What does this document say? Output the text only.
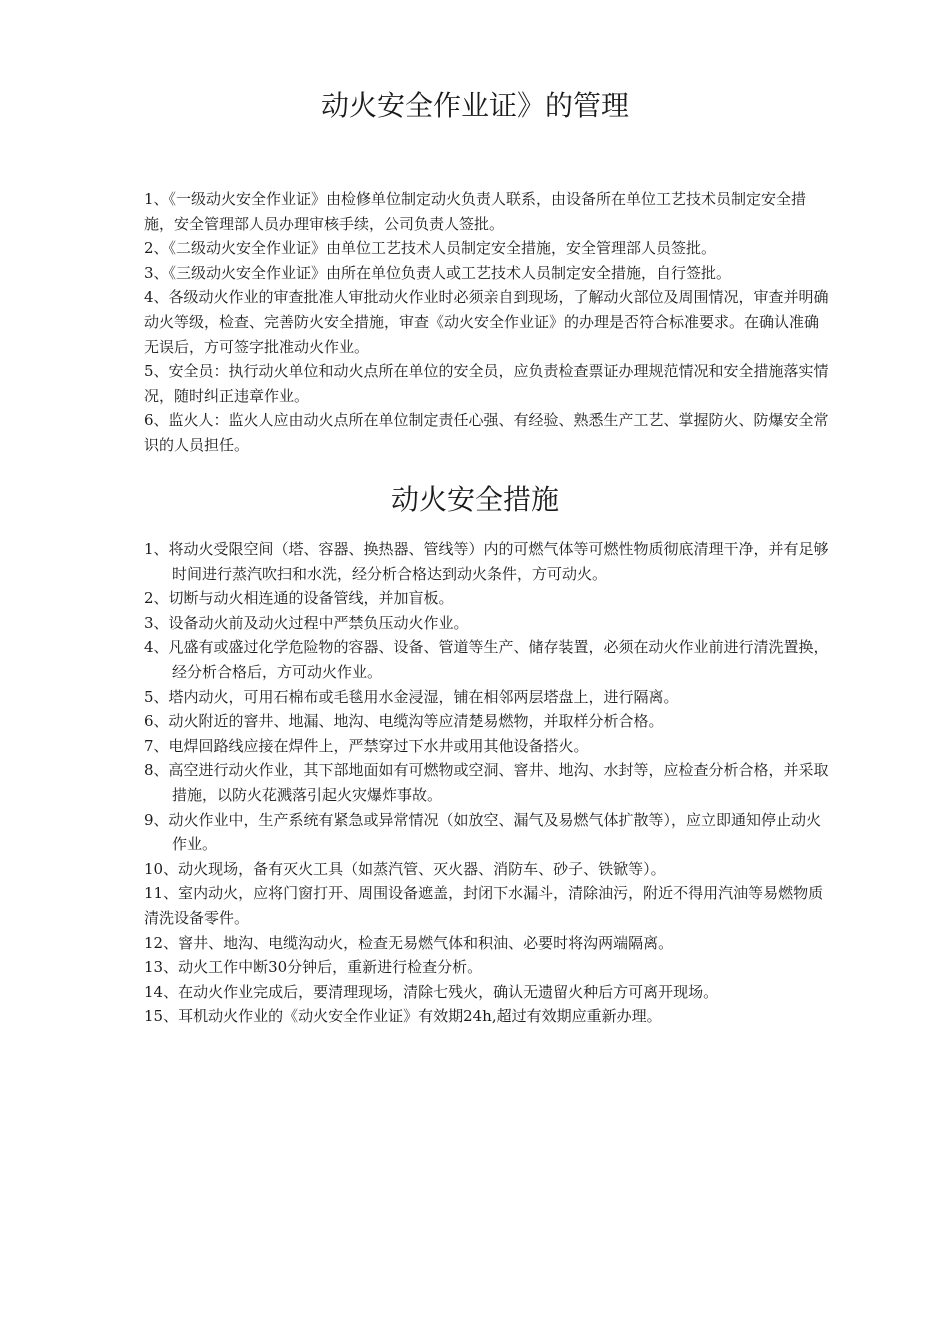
动火安全作业证》的管理
1、《一级动火安全作业证》由检修单位制定动火负责人联系，由设备所在单位工艺技术员制定安全措施，安全管理部人员办理审核手续，公司负责人签批。
2、《二级动火安全作业证》由单位工艺技术人员制定安全措施，安全管理部人员签批。
3、《三级动火安全作业证》由所在单位负责人或工艺技术人员制定安全措施，自行签批。
4、各级动火作业的审查批准人审批动火作业时必须亲自到现场，了解动火部位及周围情况，审查并明确动火等级，检查、完善防火安全措施，审查《动火安全作业证》的办理是否符合标准要求。在确认准确无误后，方可签字批准动火作业。
5、安全员：执行动火单位和动火点所在单位的安全员，应负责检查票证办理规范情况和安全措施落实情况，随时纠正违章作业。
6、监火人：监火人应由动火点所在单位制定责任心强、有经验、熟悉生产工艺、掌握防火、防爆安全常识的人员担任。
动火安全措施
1、将动火受限空间（塔、容器、换热器、管线等）内的可燃气体等可燃性物质彻底清理干净，并有足够时间进行蒸汽吹扫和水洗，经分析合格达到动火条件，方可动火。
2、切断与动火相连通的设备管线，并加盲板。
3、设备动火前及动火过程中严禁负压动火作业。
4、凡盛有或盛过化学危险物的容器、设备、管道等生产、储存装置，必须在动火作业前进行清洗置换，经分析合格后，方可动火作业。
5、塔内动火，可用石棉布或毛毯用水金浸湿，铺在相邻两层塔盘上，进行隔离。
6、动火附近的窨井、地漏、地沟、电缆沟等应清楚易燃物，并取样分析合格。
7、电焊回路线应接在焊件上，严禁穿过下水井或用其他设备搭火。
8、高空进行动火作业，其下部地面如有可燃物或空洞、窨井、地沟、水封等，应检查分析合格，并采取措施，以防火花溅落引起火灾爆炸事故。
9、动火作业中，生产系统有紧急或异常情况（如放空、漏气及易燃气体扩散等），应立即通知停止动火作业。
10、动火现场，备有灭火工具（如蒸汽管、灭火器、消防车、砂子、铁锨等）。
11、室内动火，应将门窗打开、周围设备遮盖，封闭下水漏斗，清除油污，附近不得用汽油等易燃物质清洗设备零件。
12、窨井、地沟、电缆沟动火，检查无易燃气体和积油、必要时将沟两端隔离。
13、动火工作中断30分钟后，重新进行检查分析。
14、在动火作业完成后，要清理现场，清除七残火，确认无遗留火种后方可离开现场。
15、耳机动火作业的《动火安全作业证》有效期24h,超过有效期应重新办理。
